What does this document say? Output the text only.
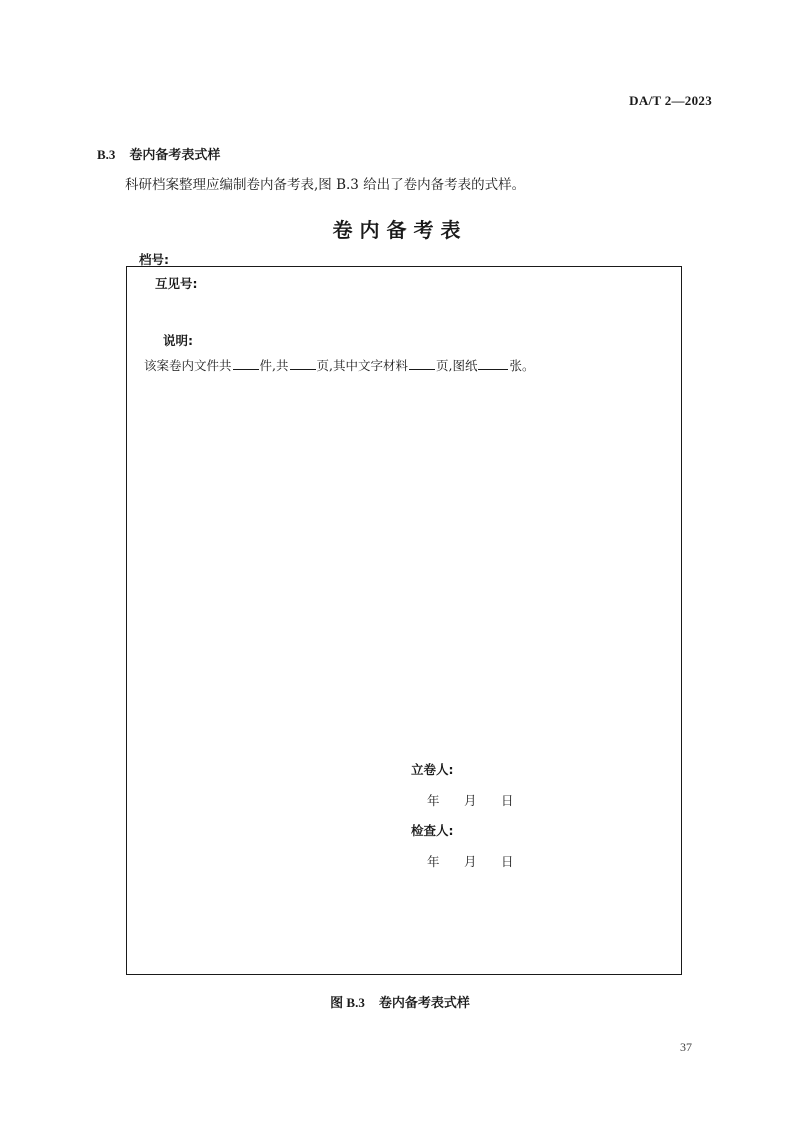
DA/T 2—2023
B.3 卷内备考表式样
科研档案整理应编制卷内备考表,图 B.3 给出了卷内备考表的式样。
卷内备考表
档号:
互见号:
说明:
该案卷内文件共 件,共 页,其中文字材料 页,图纸	张。
立卷人:
年 月 日
检查人:
年 月 日
图 B.3 卷内备考表式样
37
